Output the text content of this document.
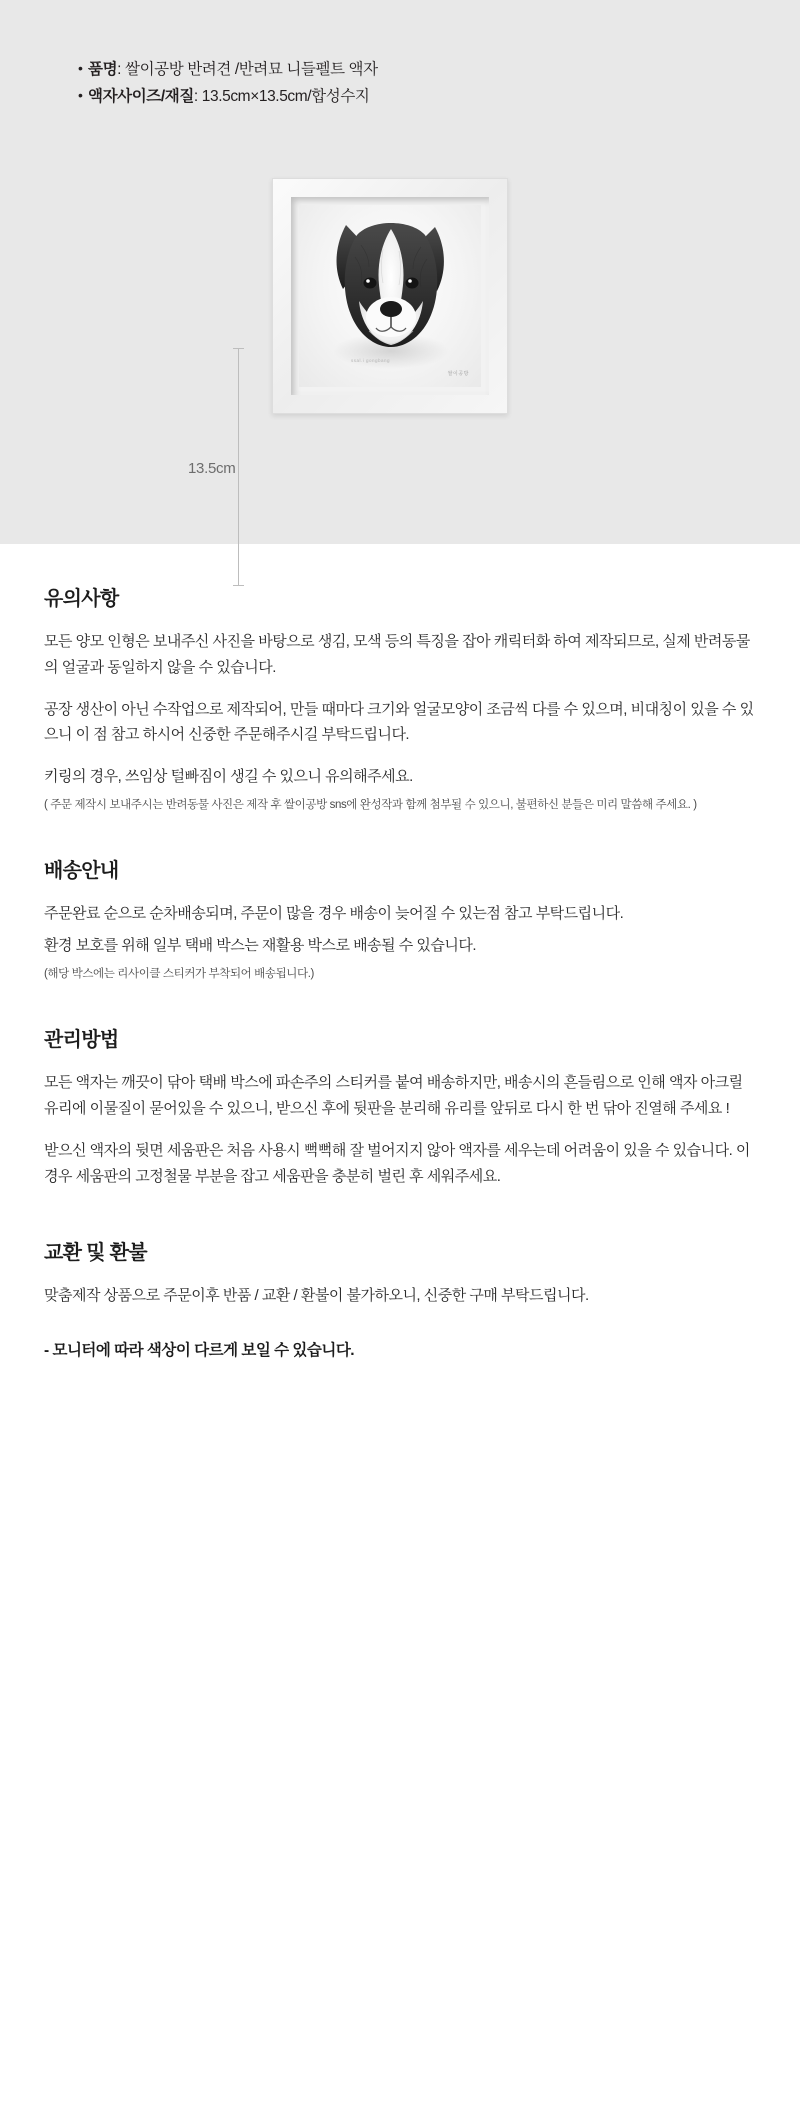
• 품명: 쌀이공방 반려견 /반려묘 니들펠트 액자
• 액자사이즈/재질: 13.5cm×13.5cm/합성수지
13.5cm
ssal.i gongbang
쌀이공방
유의사항

모든 양모 인형은 보내주신 사진을 바탕으로 생김, 모색 등의 특징을 잡아 캐릭터화 하여 제작되므로, 실제 반려동물의 얼굴과 동일하지 않을 수 있습니다.

공장 생산이 아닌 수작업으로 제작되어, 만들 때마다 크기와 얼굴모양이 조금씩 다를 수 있으며, 비대칭이 있을 수 있으니 이 점 참고 하시어 신중한 주문해주시길 부탁드립니다.

키링의 경우, 쓰임상 털빠짐이 생길 수 있으니 유의해주세요.

( 주문 제작시 보내주시는 반려동물 사진은 제작 후 쌀이공방 sns에 완성작과 함께 첨부될 수 있으니, 불편하신 분들은 미리 말씀해 주세요. )

배송안내

주문완료 순으로 순차배송되며, 주문이 많을 경우 배송이 늦어질 수 있는점 참고 부탁드립니다.

환경 보호를 위해 일부 택배 박스는 재활용 박스로 배송될 수 있습니다.

(해당 박스에는 리사이클 스티커가 부착되어 배송됩니다.)

관리방법

모든 액자는 깨끗이 닦아 택배 박스에 파손주의 스티커를 붙여 배송하지만, 배송시의 흔들림으로 인해 액자 아크릴 유리에 이물질이 묻어있을 수 있으니, 받으신 후에 뒷판을 분리해 유리를 앞뒤로 다시 한 번 닦아 진열해 주세요 !

받으신 액자의 뒷면 세움판은 처음 사용시 뻑뻑해 잘 벌어지지 않아 액자를 세우는데 어려움이 있을 수 있습니다. 이 경우 세움판의 고정철물 부분을 잡고 세움판을 충분히 벌린 후 세워주세요.

교환 및 환불

맞춤제작 상품으로 주문이후 반품 / 교환 / 환불이 불가하오니, 신중한 구매 부탁드립니다.

- 모니터에 따라 색상이 다르게 보일 수 있습니다.
